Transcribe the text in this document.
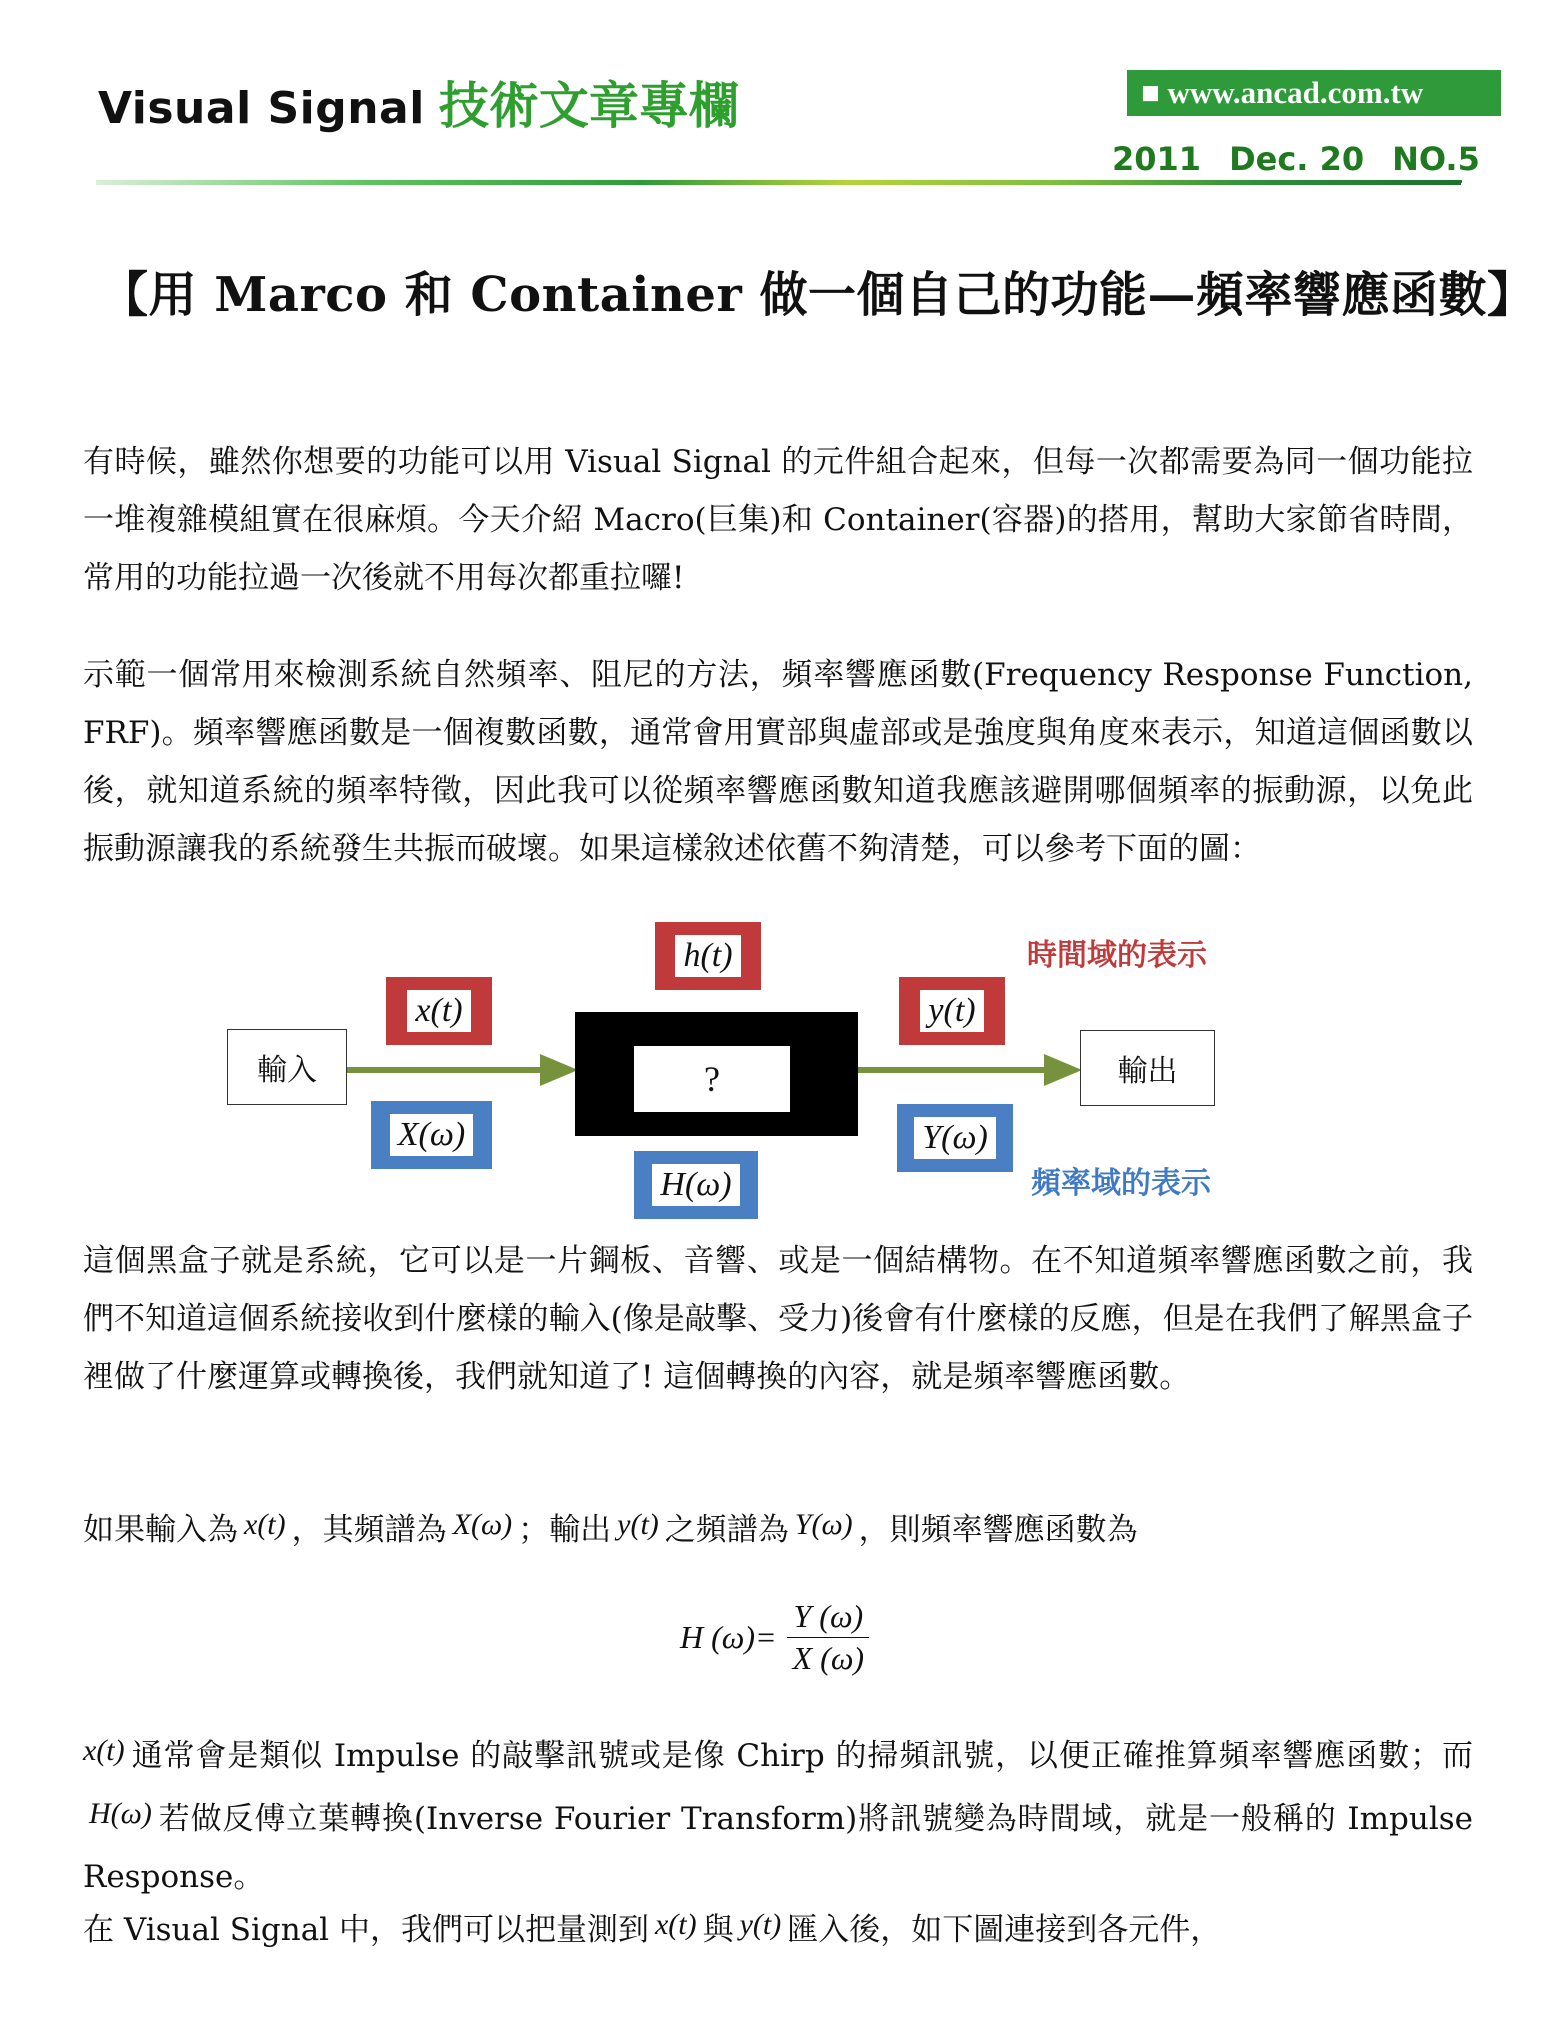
Visual Signal 技術文章專欄	■ www.ancad.com.tw
2011 Dec. 20 NO.5
【用 Marco 和 Container 做一個自己的功能—頻率響應函數】

有時候，雖然你想要的功能可以用 Visual Signal 的元件組合起來，但每一次都需要為同一個功能拉一堆複雜模組實在很麻煩。今天介紹 Macro(巨集)和 Container(容器)的搭用，幫助大家節省時間，常用的功能拉過一次後就不用每次都重拉囉!

示範一個常用來檢測系統自然頻率、阻尼的方法，頻率響應函數(Frequency Response Function, FRF)。頻率響應函數是一個複數函數，通常會用實部與虛部或是強度與角度來表示，知道這個函數以後，就知道系統的頻率特徵，因此我可以從頻率響應函數知道我應該避開哪個頻率的振動源，以免此振動源讓我的系統發生共振而破壞。如果這樣敘述依舊不夠清楚，可以參考下面的圖：

輸入	輸出
?
h(t)
x(t)	y(t)
X(ω)	Y(ω)
H(ω)
時間域的表示
頻率域的表示

這個黑盒子就是系統，它可以是一片鋼板、音響、或是一個結構物。在不知道頻率響應函數之前，我們不知道這個系統接收到什麼樣的輸入(像是敲擊、受力)後會有什麼樣的反應，但是在我們了解黑盒子裡做了什麼運算或轉換後，我們就知道了! 這個轉換的內容，就是頻率響應函數。

如果輸入為 x(t) ，其頻譜為 X(ω) ；輸出 y(t) 之頻譜為 Y(ω) ，則頻率響應函數為

H $(\omega)= \frac{Y (\omega)}{X (\omega)}$

x(t) 通常會是類似 Impulse 的敲擊訊號或是像 Chirp 的掃頻訊號，以便正確推算頻率響應函數；而H(ω) 若做反傅立葉轉換(Inverse Fourier Transform)將訊號變為時間域，就是一般稱的 Impulse Response。

在 Visual Signal 中，我們可以把量測到 x(t) 與 y(t) 匯入後，如下圖連接到各元件，
